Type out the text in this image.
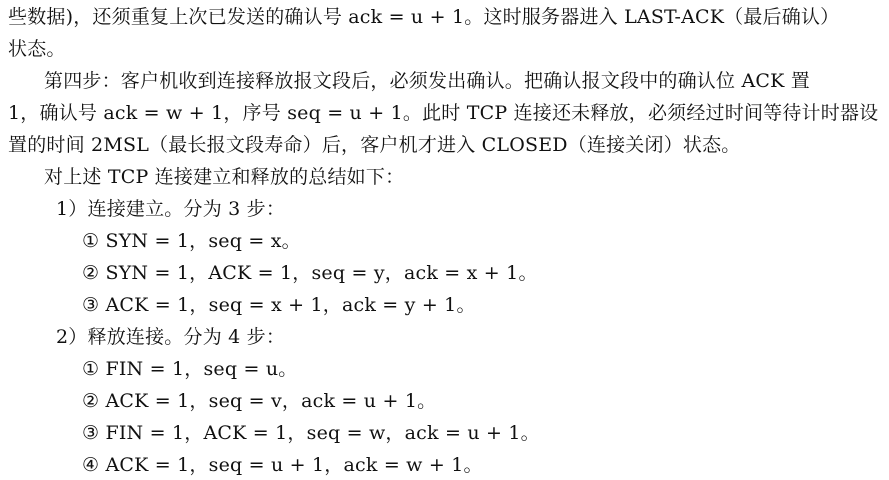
些数据)，还须重复上次已发送的确认号 ack = u + 1。这时服务器进入 LAST-ACK（最后确认）
状态。
第四步：客户机收到连接释放报文段后，必须发出确认。把确认报文段中的确认位 ACK 置
1，确认号 ack = w + 1，序号 seq = u + 1。此时 TCP 连接还未释放，必须经过时间等待计时器设
置的时间 2MSL（最长报文段寿命）后，客户机才进入 CLOSED（连接关闭）状态。
对上述 TCP 连接建立和释放的总结如下：
1）连接建立。分为 3 步：
① SYN = 1，seq = x。
② SYN = 1，ACK = 1，seq = y，ack = x + 1。
③ ACK = 1，seq = x + 1，ack = y + 1。
2）释放连接。分为 4 步：
① FIN = 1，seq = u。
② ACK = 1，seq = v，ack = u + 1。
③ FIN = 1，ACK = 1，seq = w，ack = u + 1。
④ ACK = 1，seq = u + 1，ack = w + 1。
